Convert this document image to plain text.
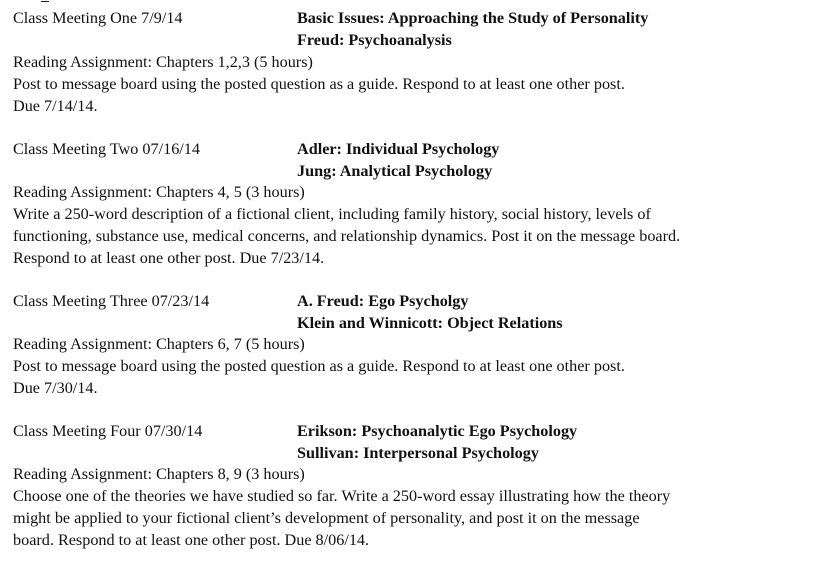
Class Meeting One 7/9/14	Basic Issues: Approaching the Study of Personality
Freud: Psychoanalysis
Reading Assignment: Chapters 1,2,3 (5 hours)
Post to message board using the posted question as a guide. Respond to at least one other post.
Due 7/14/14.
Class Meeting Two 07/16/14	Adler: Individual Psychology
Jung: Analytical Psychology
Reading Assignment: Chapters 4, 5 (3 hours)
Write a 250-word description of a fictional client, including family history, social history, levels of
functioning, substance use, medical concerns, and relationship dynamics. Post it on the message board.
Respond to at least one other post. Due 7/23/14.
Class Meeting Three 07/23/14	A. Freud: Ego Psycholgy
Klein and Winnicott: Object Relations
Reading Assignment: Chapters 6, 7 (5 hours)
Post to message board using the posted question as a guide. Respond to at least one other post.
Due 7/30/14.
Class Meeting Four 07/30/14	Erikson: Psychoanalytic Ego Psychology
Sullivan: Interpersonal Psychology
Reading Assignment: Chapters 8, 9 (3 hours)
Choose one of the theories we have studied so far. Write a 250-word essay illustrating how the theory
might be applied to your fictional client’s development of personality, and post it on the message
board. Respond to at least one other post. Due 8/06/14.
